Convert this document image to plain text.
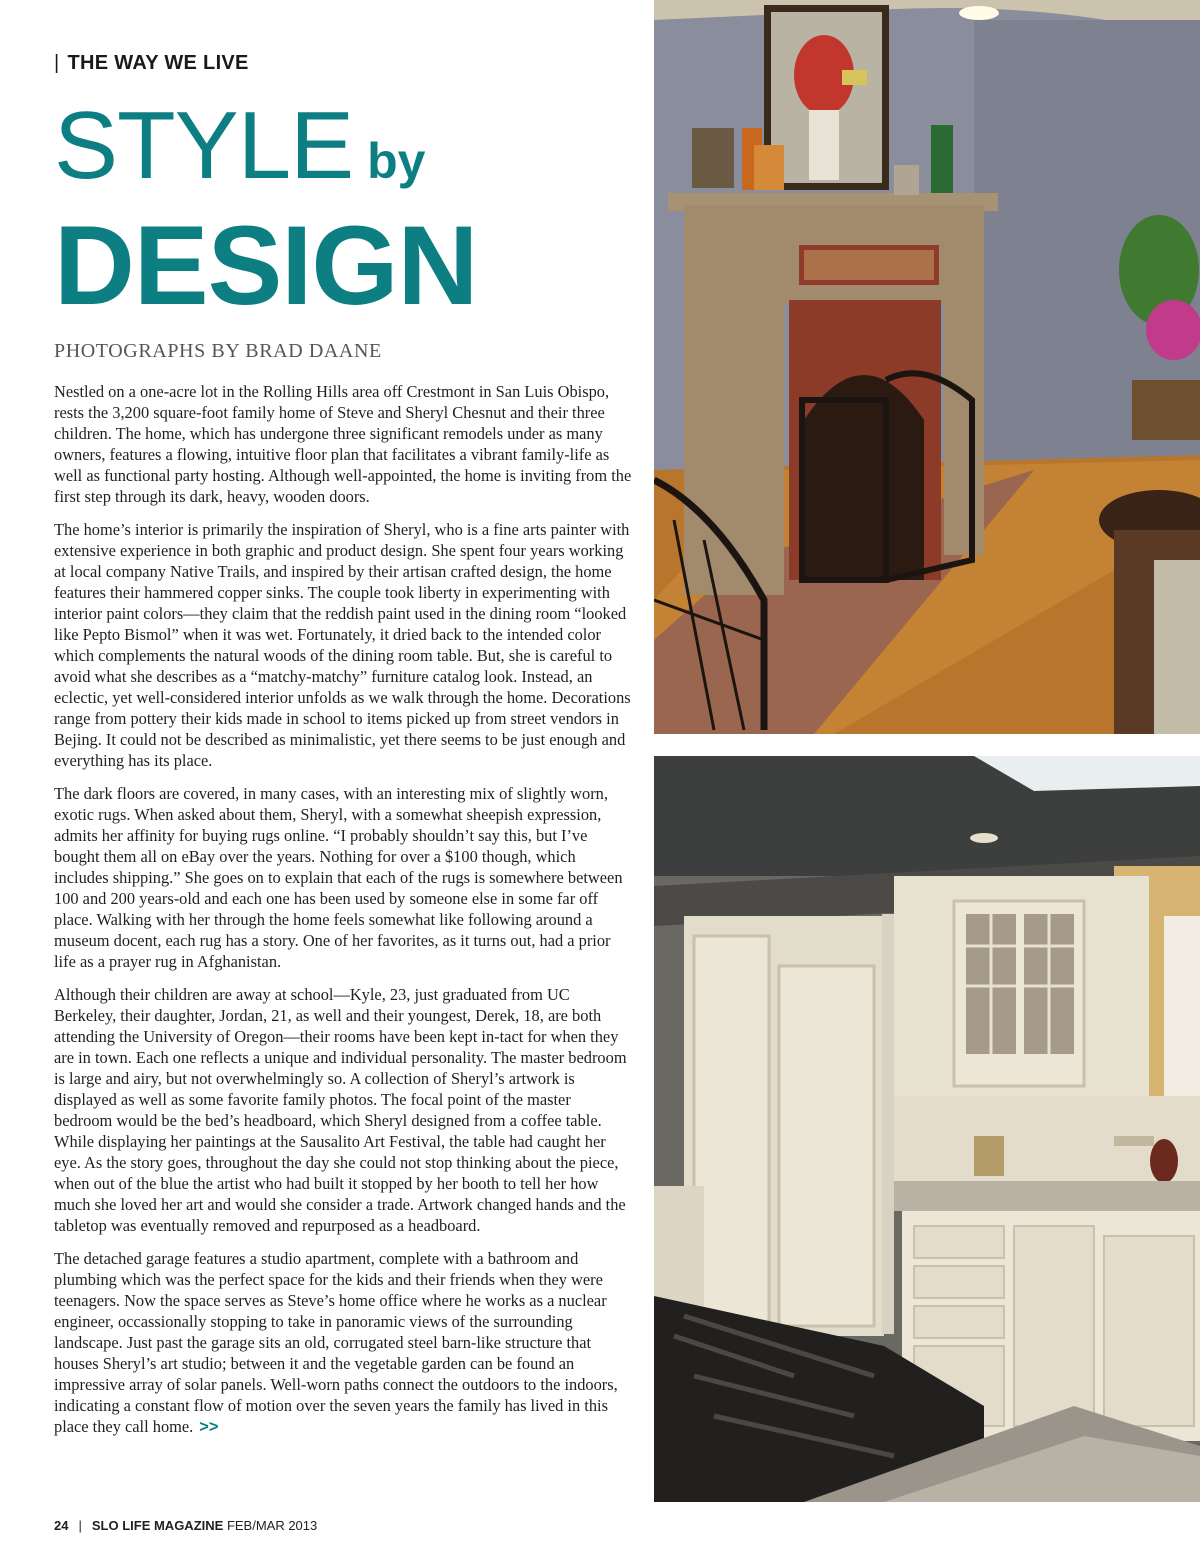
| THE WAY WE LIVE
STYLE by
DESIGN
PHOTOGRAPHS BY BRAD DAANE

Nestled on a one-acre lot in the Rolling Hills area off Crestmont in San Luis Obispo, rests the 3,200 square-foot family home of Steve and Sheryl Chesnut and their three children. The home, which has undergone three significant remodels under as many owners, features a flowing, intuitive floor plan that facilitates a vibrant family-life as well as functional party hosting. Although well-appointed, the home is inviting from the first step through its dark, heavy, wooden doors.

The home’s interior is primarily the inspiration of Sheryl, who is a fine arts painter with extensive experience in both graphic and product design. She spent four years working at local company Native Trails, and inspired by their artisan crafted design, the home features their hammered copper sinks. The couple took liberty in experimenting with interior paint colors—they claim that the reddish paint used in the dining room “looked like Pepto Bismol” when it was wet. Fortunately, it dried back to the intended color which complements the natural woods of the dining room table. But, she is careful to avoid what she describes as a “matchy-matchy” furniture catalog look. Instead, an eclectic, yet well-considered interior unfolds as we walk through the home. Decorations range from pottery their kids made in school to items picked up from street vendors in Bejing. It could not be described as minimalistic, yet there seems to be just enough and everything has its place.

The dark floors are covered, in many cases, with an interesting mix of slightly worn, exotic rugs. When asked about them, Sheryl, with a somewhat sheepish expression, admits her affinity for buying rugs online. “I probably shouldn’t say this, but I’ve bought them all on eBay over the years. Nothing for over a $100 though, which includes shipping.” She goes on to explain that each of the rugs is somewhere between 100 and 200 years-old and each one has been used by someone else in some far off place. Walking with her through the home feels somewhat like following around a museum docent, each rug has a story. One of her favorites, as it turns out, had a prior life as a prayer rug in Afghanistan.

Although their children are away at school—Kyle, 23, just graduated from UC Berkeley, their daughter, Jordan, 21, as well and their youngest, Derek, 18, are both attending the University of Oregon—their rooms have been kept in-tact for when they are in town. Each one reflects a unique and individual personality. The master bedroom is large and airy, but not overwhelmingly so. A collection of Sheryl’s artwork is displayed as well as some favorite family photos. The focal point of the master bedroom would be the bed’s headboard, which Sheryl designed from a coffee table. While displaying her paintings at the Sausalito Art Festival, the table had caught her eye. As the story goes, throughout the day she could not stop thinking about the piece, when out of the blue the artist who had built it stopped by her booth to tell her how much she loved her art and would she consider a trade. Artwork changed hands and the tabletop was eventually removed and repurposed as a headboard.

The detached garage features a studio apartment, complete with a bathroom and plumbing which was the perfect space for the kids and their friends when they were teenagers. Now the space serves as Steve’s home office where he works as a nuclear engineer, occassionally stopping to take in panoramic views of the surrounding landscape. Just past the garage sits an old, corrugated steel barn-like structure that houses Sheryl’s art studio; between it and the vegetable garden can be found an impressive array of solar panels. Well-worn paths connect the outdoors to the indoors, indicating a constant flow of motion over the seven years the family has lived in this place they call home. >>

24 | SLO LIFE MAGAZINE FEB/MAR 2013
